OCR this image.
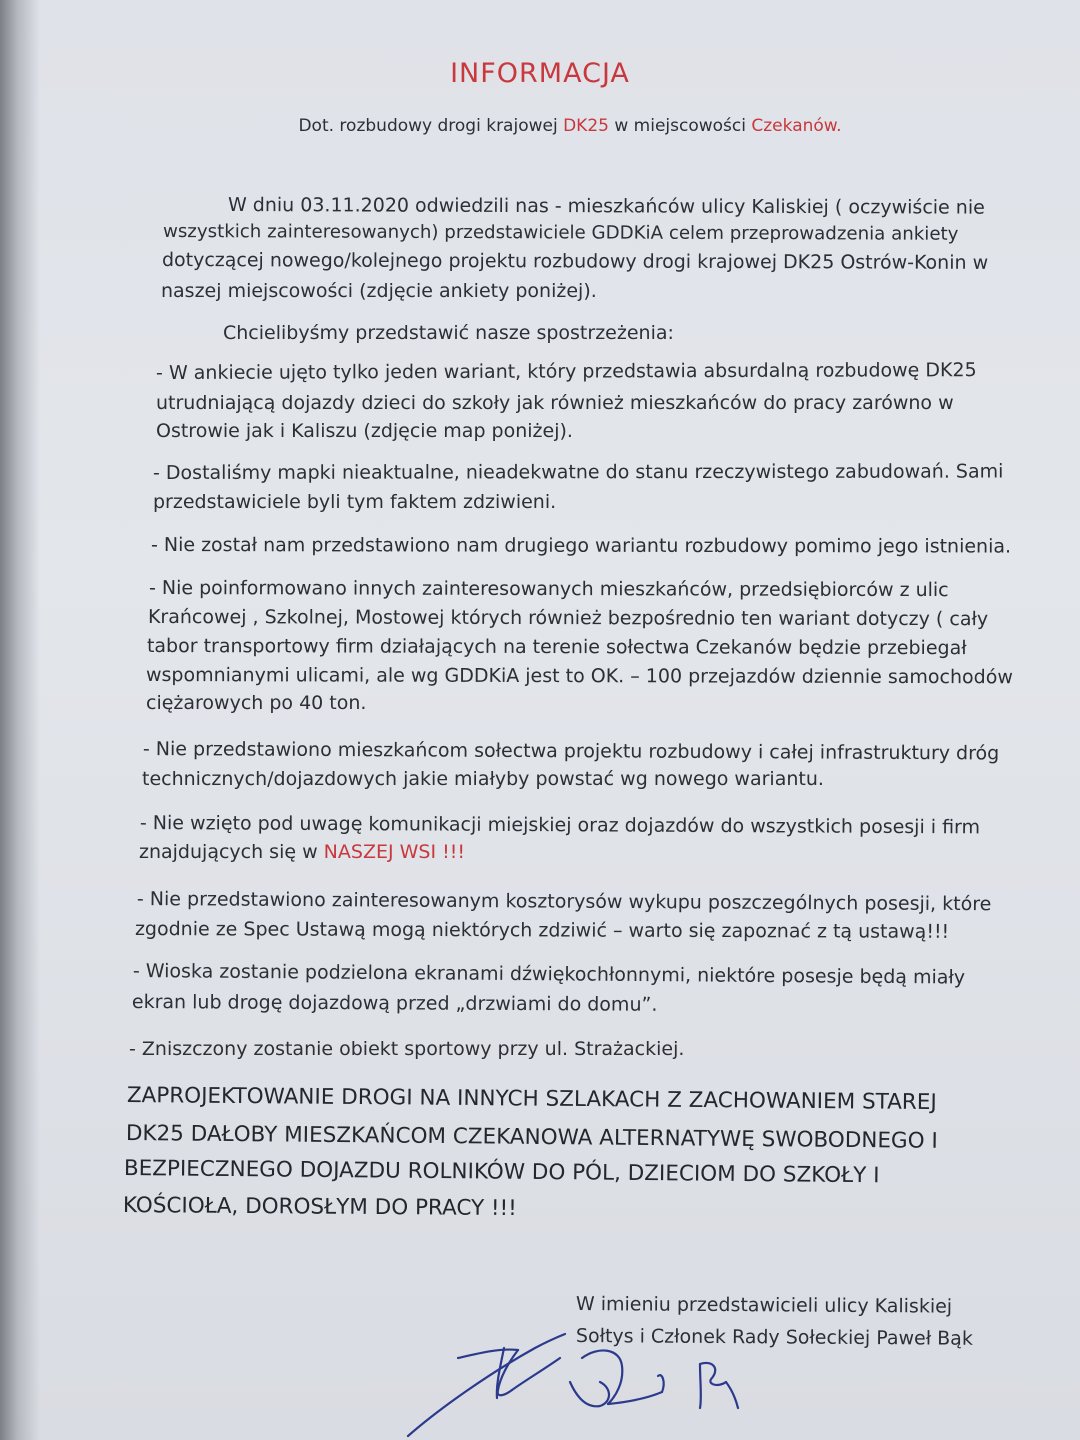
INFORMACJA
Dot. rozbudowy drogi krajowej DK25 w miejscowości Czekanów.
W dniu 03.11.2020 odwiedzili nas - mieszkańców ulicy Kaliskiej ( oczywiście nie
wszystkich zainteresowanych) przedstawiciele GDDKiA celem przeprowadzenia ankiety
dotyczącej nowego/kolejnego projektu rozbudowy drogi krajowej DK25 Ostrów-Konin w
naszej miejscowości (zdjęcie ankiety poniżej).
Chcielibyśmy przedstawić nasze spostrzeżenia:
- W ankiecie ujęto tylko jeden wariant, który przedstawia absurdalną rozbudowę DK25
utrudniającą dojazdy dzieci do szkoły jak również mieszkańców do pracy zarówno w
Ostrowie jak i Kaliszu (zdjęcie map poniżej).
- Dostaliśmy mapki nieaktualne, nieadekwatne do stanu rzeczywistego zabudowań. Sami
przedstawiciele byli tym faktem zdziwieni.
- Nie został nam przedstawiono nam drugiego wariantu rozbudowy pomimo jego istnienia.
- Nie poinformowano innych zainteresowanych mieszkańców, przedsiębiorców z ulic
Krańcowej , Szkolnej, Mostowej których również bezpośrednio ten wariant dotyczy ( cały
tabor transportowy firm działających na terenie sołectwa Czekanów będzie przebiegał
wspomnianymi ulicami, ale wg GDDKiA jest to OK. – 100 przejazdów dziennie samochodów
ciężarowych po 40 ton.
- Nie przedstawiono mieszkańcom sołectwa projektu rozbudowy i całej infrastruktury dróg
technicznych/dojazdowych jakie miałyby powstać wg nowego wariantu.
- Nie wzięto pod uwagę komunikacji miejskiej oraz dojazdów do wszystkich posesji i firm
znajdujących się w NASZEJ WSI !!!
- Nie przedstawiono zainteresowanym kosztorysów wykupu poszczególnych posesji, które
zgodnie ze Spec Ustawą mogą niektórych zdziwić – warto się zapoznać z tą ustawą!!!
- Wioska zostanie podzielona ekranami dźwiękochłonnymi, niektóre posesje będą miały
ekran lub drogę dojazdową przed „drzwiami do domu”.
- Zniszczony zostanie obiekt sportowy przy ul. Strażackiej.
ZAPROJEKTOWANIE DROGI NA INNYCH SZLAKACH Z ZACHOWANIEM STAREJ
DK25 DAŁOBY MIESZKAŃCOM CZEKANOWA ALTERNATYWĘ SWOBODNEGO I
BEZPIECZNEGO DOJAZDU ROLNIKÓW DO PÓL, DZIECIOM DO SZKOŁY I
KOŚCIOŁA, DOROSŁYM DO PRACY !!!
W imieniu przedstawicieli ulicy Kaliskiej
Sołtys i Członek Rady Sołeckiej Paweł Bąk
